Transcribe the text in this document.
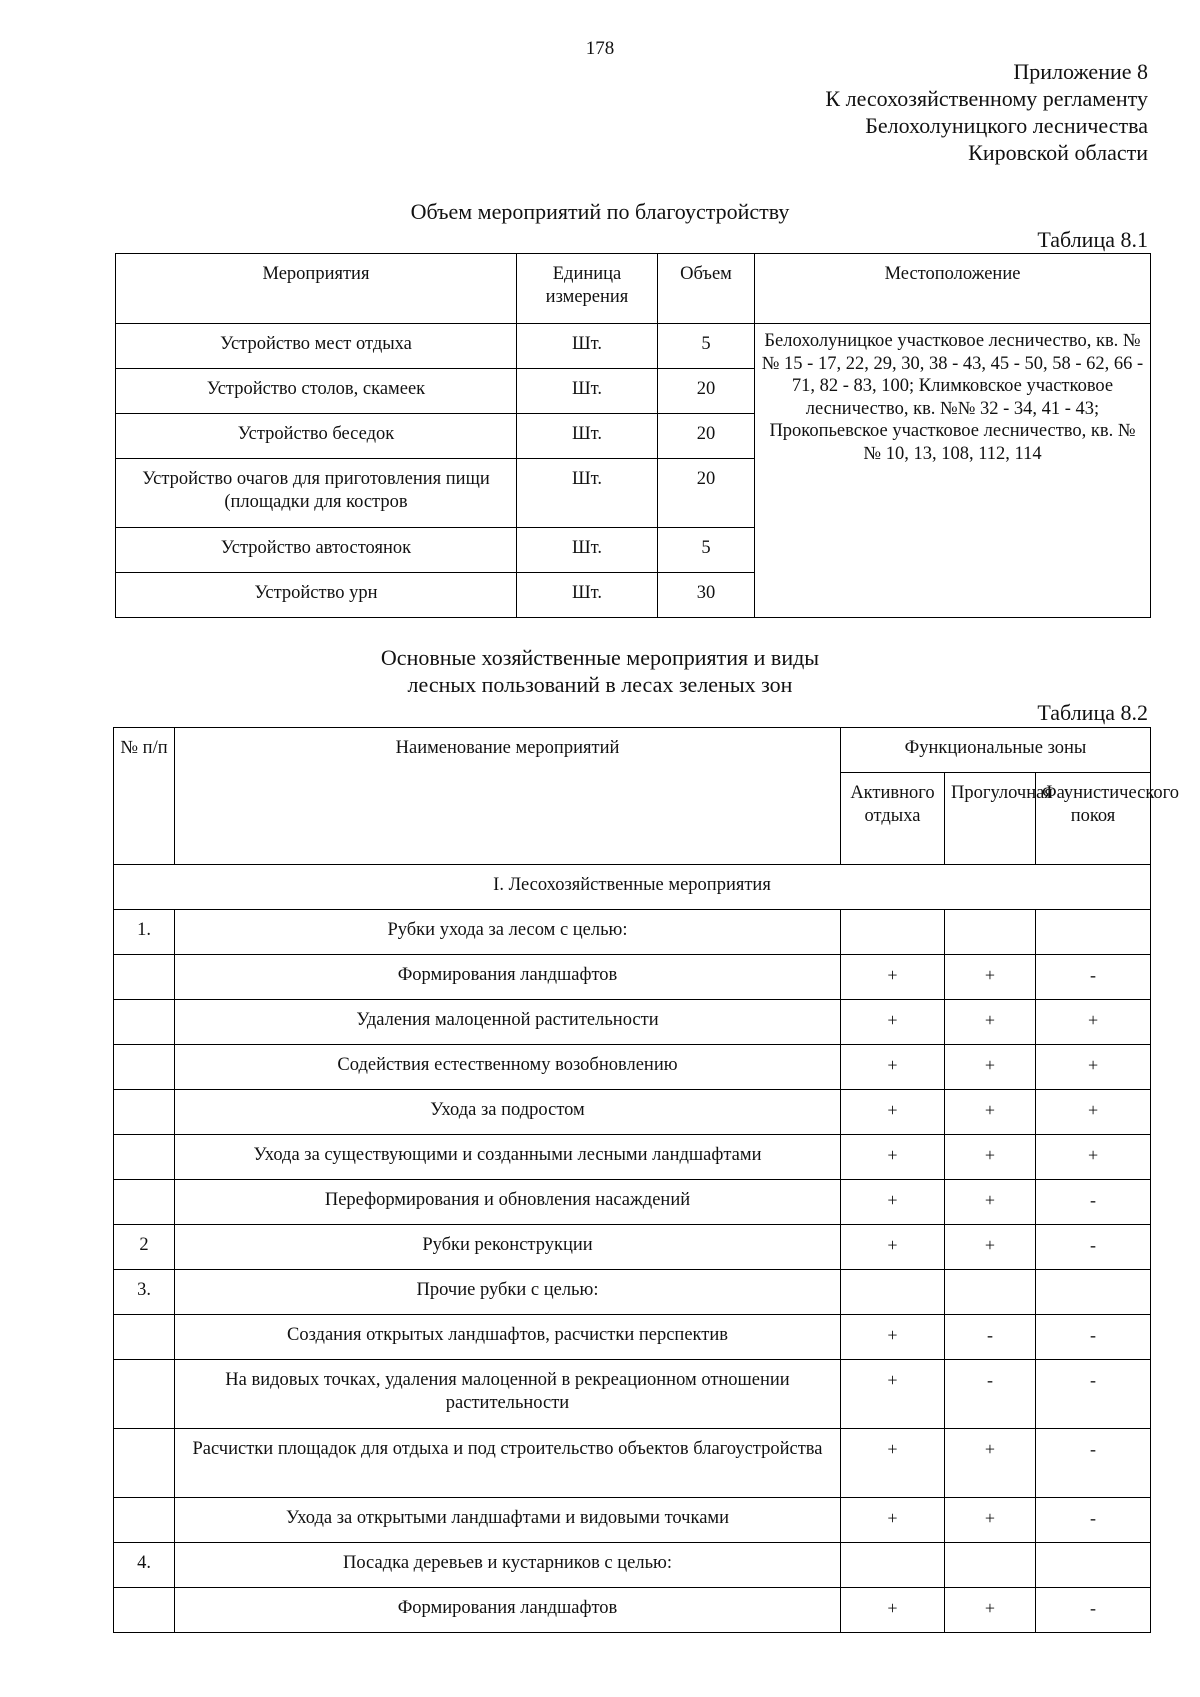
178
Приложение 8
К лесохозяйственному регламенту
Белохолуницкого лесничества
Кировской области
Объем мероприятий по благоустройству
Таблица 8.1
Мероприятия	Единица измерения	Объем	Местоположение
Устройство мест отдыха	Шт.	5	Белохолуницкое участковое лесничество, кв. №№ 15 - 17, 22, 29, 30, 38 - 43, 45 - 50, 58 - 62, 66 - 71, 82 - 83, 100; Климковское участковое лесничество, кв. №№ 32 - 34, 41 - 43; Прокопьевское участковое лесничество, кв. №№ 10, 13, 108, 112, 114
Устройство столов, скамеек	Шт.	20	
Устройство беседок	Шт.	20	
Устройство очагов для приготовления пищи (площадки для костров	Шт.	20	
Устройство автостоянок	Шт.	5	
Устройство урн	Шт.	30	
Основные хозяйственные мероприятия и виды
лесных пользований в лесах зеленых зон
Таблица 8.2
№ п/п	Наименование мероприятий	Функциональные зоны		
		Активного отдыха	Прогулочная	Фаунистического покоя
I. Лесохозяйственные мероприятия				
1.	Рубки ухода за лесом с целью:			
	Формирования ландшафтов	+	+	-
	Удаления малоценной растительности	+	+	+
	Содействия естественному возобновлению	+	+	+
	Ухода за подростом	+	+	+
	Ухода за существующими и созданными лесными ландшафтами	+	+	+
	Переформирования и обновления насаждений	+	+	-
2	Рубки реконструкции	+	+	-
3.	Прочие рубки с целью:			
	Создания открытых ландшафтов, расчистки перспектив	+	-	-
	На видовых точках, удаления малоценной в рекреационном отношении растительности	+	-	-
	Расчистки площадок для отдыха и под строительство объектов благоустройства	+	+	-
	Ухода за открытыми ландшафтами и видовыми точками	+	+	-
4.	Посадка деревьев и кустарников с целью:			
	Формирования ландшафтов	+	+	-
